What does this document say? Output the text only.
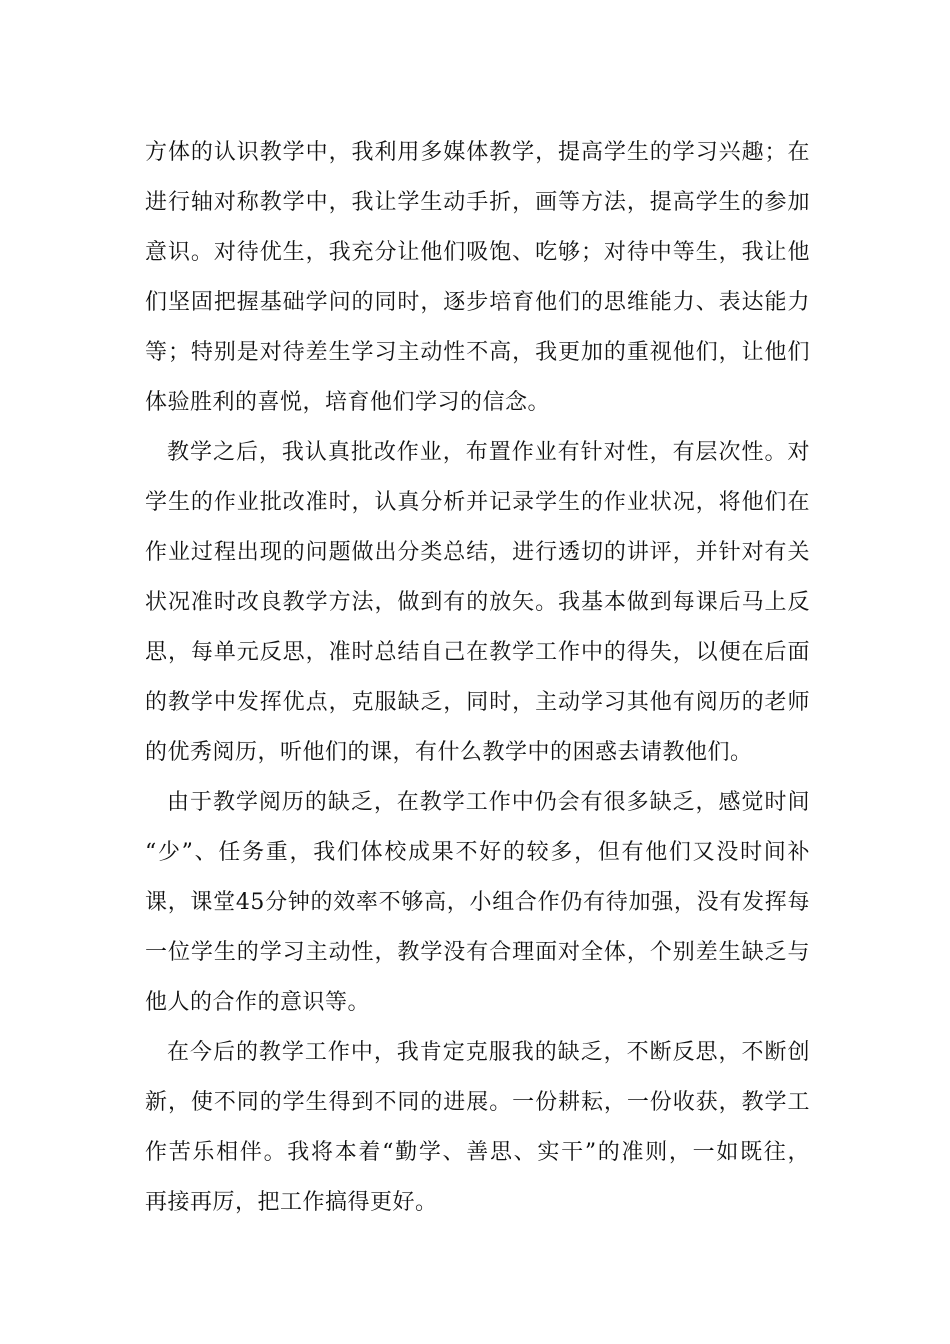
方体的认识教学中，我利用多媒体教学，提高学生的学习兴趣；在
进行轴对称教学中，我让学生动手折，画等方法，提高学生的参加
意识。对待优生，我充分让他们吸饱、吃够；对待中等生，我让他
们坚固把握基础学问的同时，逐步培育他们的思维能力、表达能力
等；特别是对待差生学习主动性不高，我更加的重视他们，让他们
体验胜利的喜悦，培育他们学习的信念。
教学之后，我认真批改作业，布置作业有针对性，有层次性。对
学生的作业批改准时，认真分析并记录学生的作业状况，将他们在
作业过程出现的问题做出分类总结，进行透切的讲评，并针对有关
状况准时改良教学方法，做到有的放矢。我基本做到每课后马上反
思，每单元反思，准时总结自己在教学工作中的得失，以便在后面
的教学中发挥优点，克服缺乏，同时，主动学习其他有阅历的老师
的优秀阅历，听他们的课，有什么教学中的困惑去请教他们。
由于教学阅历的缺乏，在教学工作中仍会有很多缺乏，感觉时间
“少”、任务重，我们体校成果不好的较多，但有他们又没时间补
课，课堂45分钟的效率不够高，小组合作仍有待加强，没有发挥每
一位学生的学习主动性，教学没有合理面对全体，个别差生缺乏与
他人的合作的意识等。
在今后的教学工作中，我肯定克服我的缺乏，不断反思，不断创
新，使不同的学生得到不同的进展。一份耕耘，一份收获，教学工
作苦乐相伴。我将本着“勤学、善思、实干”的准则，一如既往，
再接再厉，把工作搞得更好。
